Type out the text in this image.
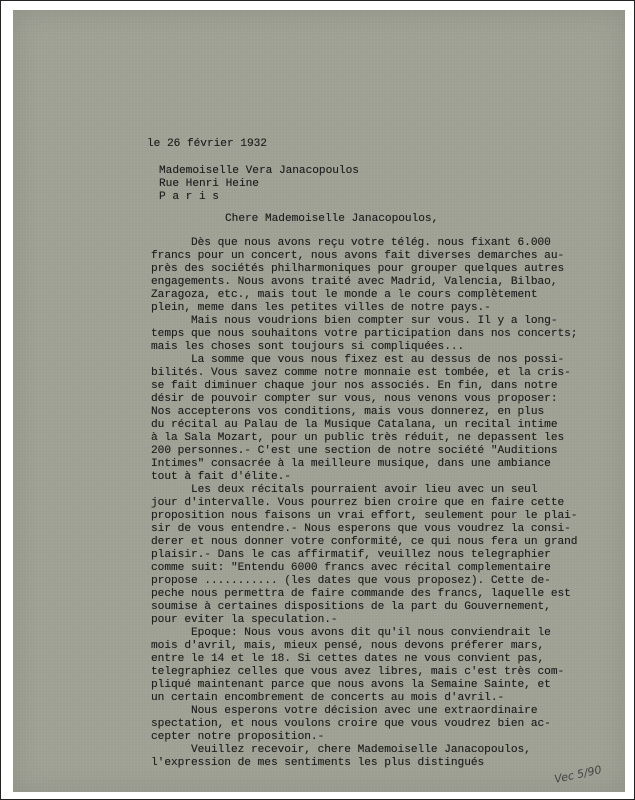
le 26 février 1932

Mademoiselle Vera Janacopoulos
Rue Henri Heine
P a r i s

Chere Mademoiselle Janacopoulos,

Dès que nous avons reçu votre télég. nous fixant 6.000
francs pour un concert, nous avons fait diverses demarches au-
près des sociétés philharmoniques pour grouper quelques autres
engagements. Nous avons traité avec Madrid, Valencia, Bilbao,
Zaragoza, etc., mais tout le monde a le cours complètement
plein, meme dans les petites villes de notre pays.-
Mais nous voudrions bien compter sur vous. Il y a long-
temps que nous souhaitons votre participation dans nos concerts;
mais les choses sont toujours si compliquées...
La somme que vous nous fixez est au dessus de nos possi-
bilités. Vous savez comme notre monnaie est tombée, et la cris-
se fait diminuer chaque jour nos associés. En fin, dans notre
désir de pouvoir compter sur vous, nous venons vous proposer:
Nos accepterons vos conditions, mais vous donnerez, en plus
du récital au Palau de la Musique Catalana, un recital intime
à la Sala Mozart, pour un public très réduit, ne depassent les
200 personnes.- C'est une section de notre société "Auditions
Intimes" consacrée à la meilleure musique, dans une ambiance
tout à fait d'élite.-
Les deux récitals pourraient avoir lieu avec un seul
jour d'intervalle. Vous pourrez bien croire que en faire cette
proposition nous faisons un vrai effort, seulement pour le plai-
sir de vous entendre.- Nous esperons que vous voudrez la consi-
derer et nous donner votre conformité, ce qui nous fera un grand
plaisir.- Dans le cas affirmatif, veuillez nous telegraphier
comme suit: "Entendu 6000 francs avec récital complementaire
propose ........... (les dates que vous proposez). Cette de-
peche nous permettra de faire commande des francs, laquelle est
soumise à certaines dispositions de la part du Gouvernement,
pour eviter la speculation.-
Epoque: Nous vous avons dit qu'il nous conviendrait le
mois d'avril, mais, mieux pensé, nous devons préferer mars,
entre le 14 et le 18. Si cettes dates ne vous convient pas,
telegraphiez celles que vous avez libres, mais c'est très com-
pliqué maintenant parce que nous avons la Semaine Sainte, et
un certain encombrement de concerts au mois d'avril.-
Nous esperons votre décision avec une extraordinaire
spectation, et nous voulons croire que vous voudrez bien ac-
cepter notre proposition.-
Veuillez recevoir, chere Mademoiselle Janacopoulos,
l'expression de mes sentiments les plus distingués

Vec 5/90
